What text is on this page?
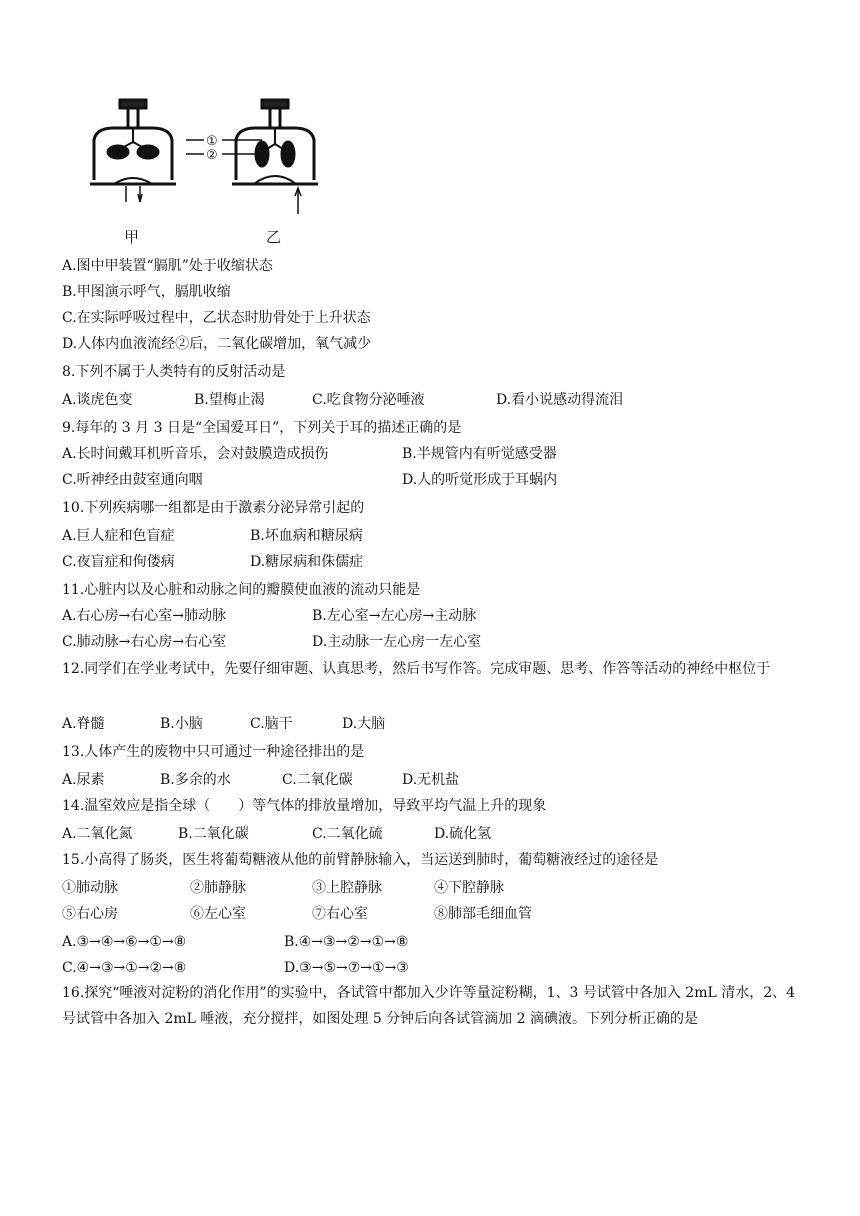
①
②
甲	乙
A.图中甲装置“膈肌”处于收缩状态
B.甲图演示呼气，膈肌收缩
C.在实际呼吸过程中，乙状态时肋骨处于上升状态
D.人体内血液流经②后，二氧化碳增加，氧气减少
8.下列不属于人类特有的反射活动是
A.谈虎色变	B.望梅止渴	C.吃食物分泌唾液	D.看小说感动得流泪
9.每年的 3 月 3 日是“全国爱耳日”，下列关于耳的描述正确的是
A.长时间戴耳机听音乐，会对鼓膜造成损伤	B.半规管内有听觉感受器
C.听神经由鼓室通向咽	D.人的听觉形成于耳蜗内
10.下列疾病哪一组都是由于激素分泌异常引起的
A.巨人症和色盲症	B.坏血病和糖尿病
C.夜盲症和佝偻病	D.糖尿病和侏儒症
11.心脏内以及心脏和动脉之间的瓣膜使血液的流动只能是
A.右心房→右心室→肺动脉	B.左心室→左心房→主动脉
C.肺动脉→右心房→右心室	D.主动脉一左心房一左心室
12.同学们在学业考试中，先要仔细审题、认真思考，然后书写作答。完成审题、思考、作答等活动的神经中枢位于
A.脊髓	B.小脑	C.脑干	D.大脑
13.人体产生的废物中只可通过一种途径排出的是
A.尿素	B.多余的水	C.二氧化碳	D.无机盐
14.温室效应是指全球（　　）等气体的排放量增加，导致平均气温上升的现象
A.二氧化氮	B.二氧化碳	C.二氧化硫	D.硫化氢
15.小高得了肠炎，医生将葡萄糖液从他的前臂静脉输入，当运送到肺时，葡萄糖液经过的途径是
①肺动脉	②肺静脉	③上腔静脉	④下腔静脉
⑤右心房	⑥左心室	⑦右心室	⑧肺部毛细血管
A.③→④→⑥→①→⑧	B.④→③→②→①→⑧
C.④→③→①→②→⑧	D.③→⑤→⑦→①→③
16.探究“唾液对淀粉的消化作用”的实验中，各试管中都加入少许等量淀粉糊，1、3 号试管中各加入 2mL 清水，2、4 号试管中各加入 2mL 唾液，充分搅拌，如图处理 5 分钟后向各试管滴加 2 滴碘液。下列分析正确的是
